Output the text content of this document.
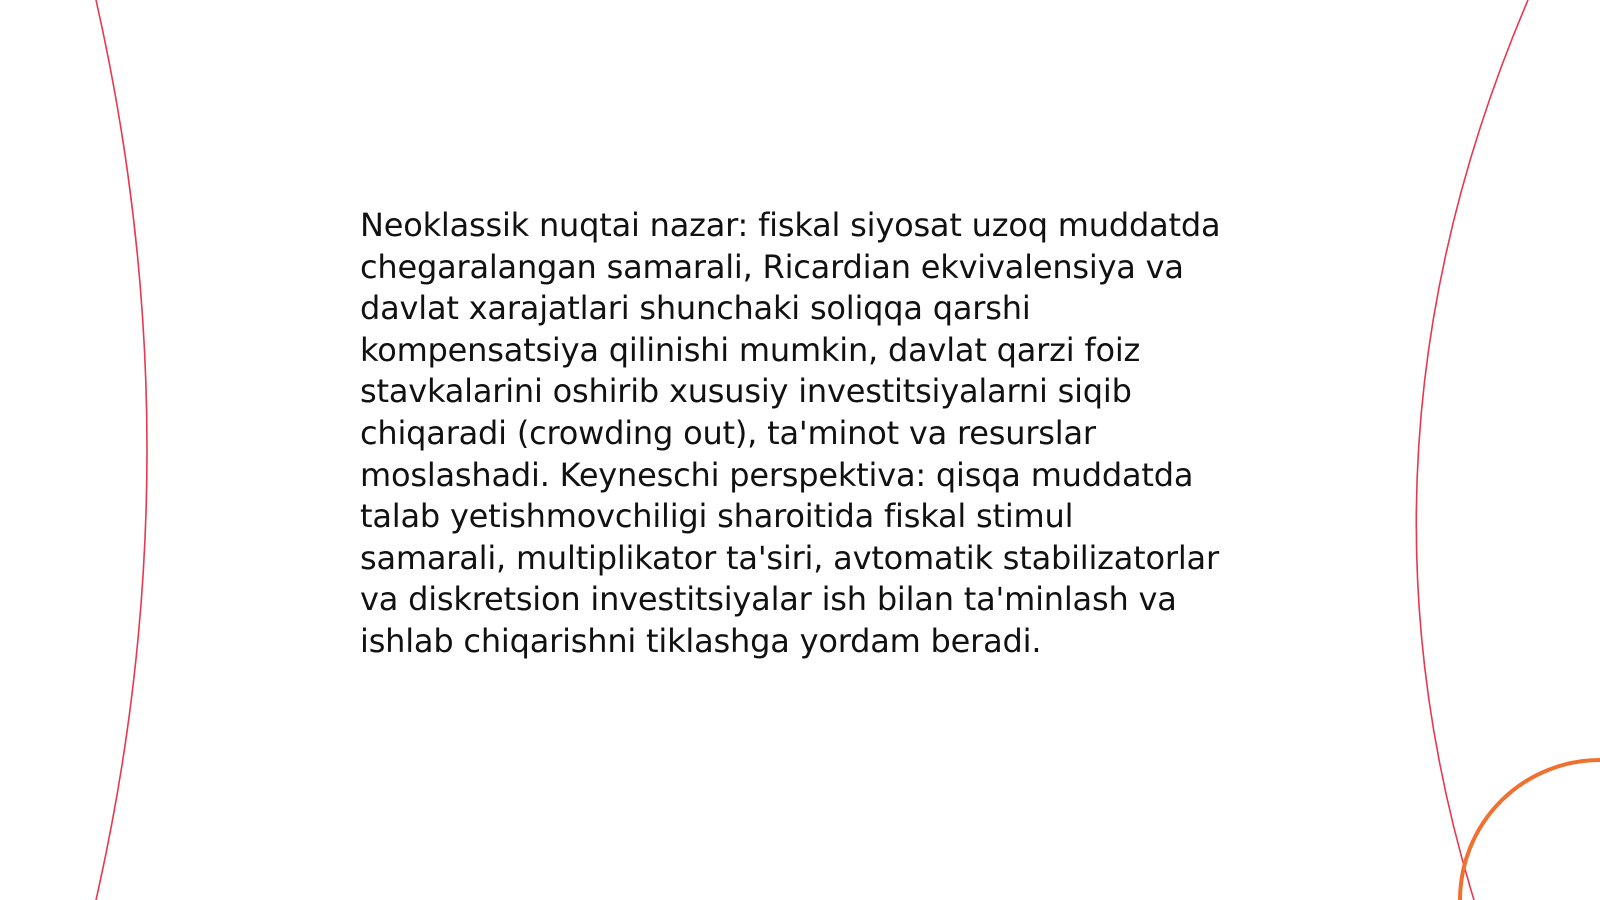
Neoklassik nuqtai nazar: fiskal siyosat uzoq muddatda
chegaralangan samarali, Ricardian ekvivalensiya va
davlat xarajatlari shunchaki soliqqa qarshi
kompensatsiya qilinishi mumkin, davlat qarzi foiz
stavkalarini oshirib xususiy investitsiyalarni siqib
chiqaradi (crowding out), ta'minot va resurslar
moslashadi. Keyneschi perspektiva: qisqa muddatda
talab yetishmovchiligi sharoitida fiskal stimul
samarali, multiplikator ta'siri, avtomatik stabilizatorlar
va diskretsion investitsiyalar ish bilan ta'minlash va
ishlab chiqarishni tiklashga yordam beradi.
